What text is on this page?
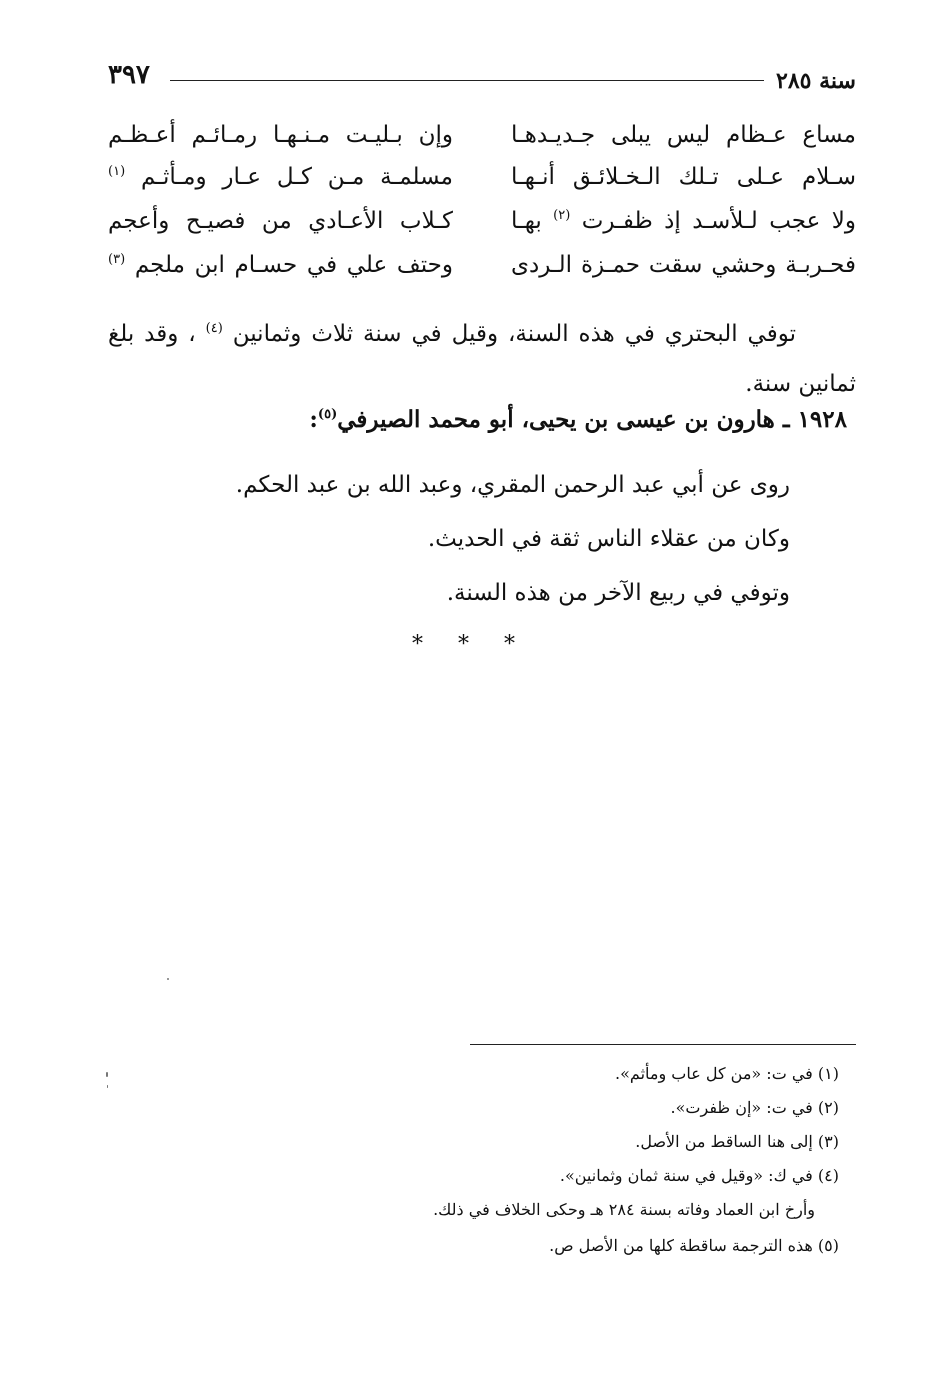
سنة ٢٨٥
٣٩٧
مساع عـظام ليس يبلى جـديـدهـا
وإن بـليـت مـنـهـا رمـائـم أعـظـم
سـلام عـلى تـلك الـخـلائـق أنـهـا
مسلمـة مـن كـل عـار ومـأثـم $^{(١)}$
ولا عجب لـلأسـد إذ ظفـرت $^{(٢)}$ بهـا
كـلاب الأعـادي من فصيـح وأعجم
فحـربـة وحشي سقت حمـزة الـردى
وحتف علي في حسـام ابن ملجم $^{(٣)}$
توفي البحتري في هذه السنة، وقيل في سنة ثلاث وثمانين $^{(٤)}$ ، وقد بلغ ثمانين سنة.
١٩٢٨ ـ هارون بن عيسى بن يحيى، أبو محمد الصيرفي$^{(٥)}$:
روى عن أبي عبد الرحمن المقري، وعبد الله بن عبد الحكم.
وكان من عقلاء الناس ثقة في الحديث.
وتوفي في ربيع الآخر من هذه السنة.
* * *
(١) في ت: «من كل عاب ومأثم».
(٢) في ت: «إن ظفرت».
(٣) إلى هنا الساقط من الأصل.
(٤) في ك: «وقيل في سنة ثمان وثمانين».
وأرخ ابن العماد وفاته بسنة ٢٨٤ هـ وحكى الخلاف في ذلك.
(٥) هذه الترجمة ساقطة كلها من الأصل ص.
